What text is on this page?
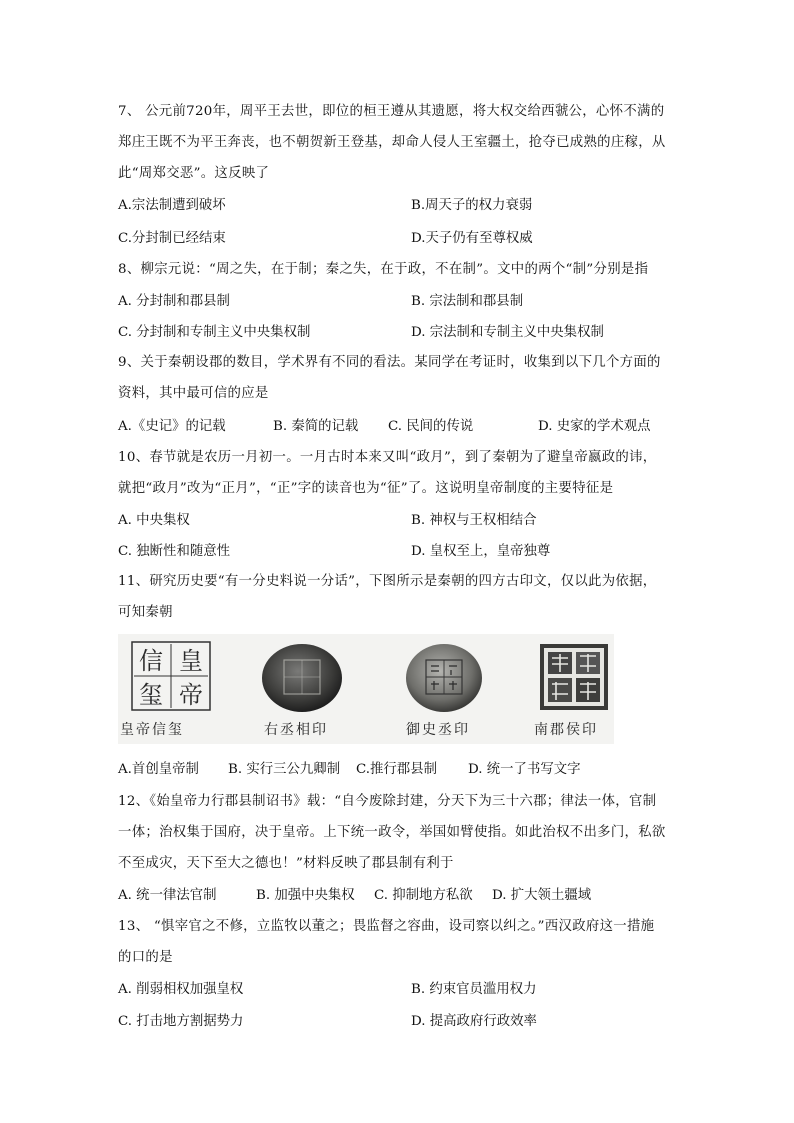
7、 公元前720年，周平王去世，即位的桓王遵从其遗愿，将大权交给西虢公，心怀不满的
郑庄王既不为平王奔丧，也不朝贺新王登基，却命人侵人王室疆土，抢夺已成熟的庄稼，从
此“周郑交恶”。这反映了
A.宗法制遭到破坏	B.周天子的权力衰弱
C.分封制已经结束	D.天子仍有至尊权威
8、柳宗元说：“周之失，在于制；秦之失，在于政，不在制”。文中的两个“制”分别是指
A. 分封制和郡县制	B. 宗法制和郡县制
C. 分封制和专制主义中央集权制	D. 宗法制和专制主义中央集权制
9、关于秦朝设郡的数目，学术界有不同的看法。某同学在考证时，收集到以下几个方面的
资料，其中最可信的应是
A.《史记》的记载	B. 秦简的记载 C. 民间的传说	D. 史家的学术观点
10、春节就是农历一月初一。一月古时本来又叫“政月”，到了秦朝为了避皇帝嬴政的讳，
就把“政月”改为“正月”，“正”字的读音也为“征”了。这说明皇帝制度的主要特征是
A. 中央集权	B. 神权与王权相结合
C. 独断性和随意性	D. 皇权至上，皇帝独尊
11、研究历史要“有一分史料说一分话”，下图所示是秦朝的四方古印文，仅以此为依据，
可知秦朝
皇
帝
信
玺
皇帝信玺	右丞相印	御史丞印	南郡侯印
A.首创皇帝制 B. 实行三公九卿制 C.推行郡县制 D. 统一了书写文字
12、《始皇帝力行郡县制诏书》载：“自今废除封建，分天下为三十六郡；律法一体，官制
一体；治权集于国府，决于皇帝。上下统一政令，举国如臂使指。如此治权不出多门，私欲
不至成灾，天下至大之德也！”材料反映了郡县制有利于
A. 统一律法官制	B. 加强中央集权 C. 抑制地方私欲 D. 扩大领土疆域
13、 “惧宰官之不修，立监牧以董之；畏监督之容曲，设司察以纠之。”西汉政府这一措施
的口的是
A. 削弱相权加强皇权	B. 约束官员滥用权力
C. 打击地方割据势力	D. 提高政府行政效率
